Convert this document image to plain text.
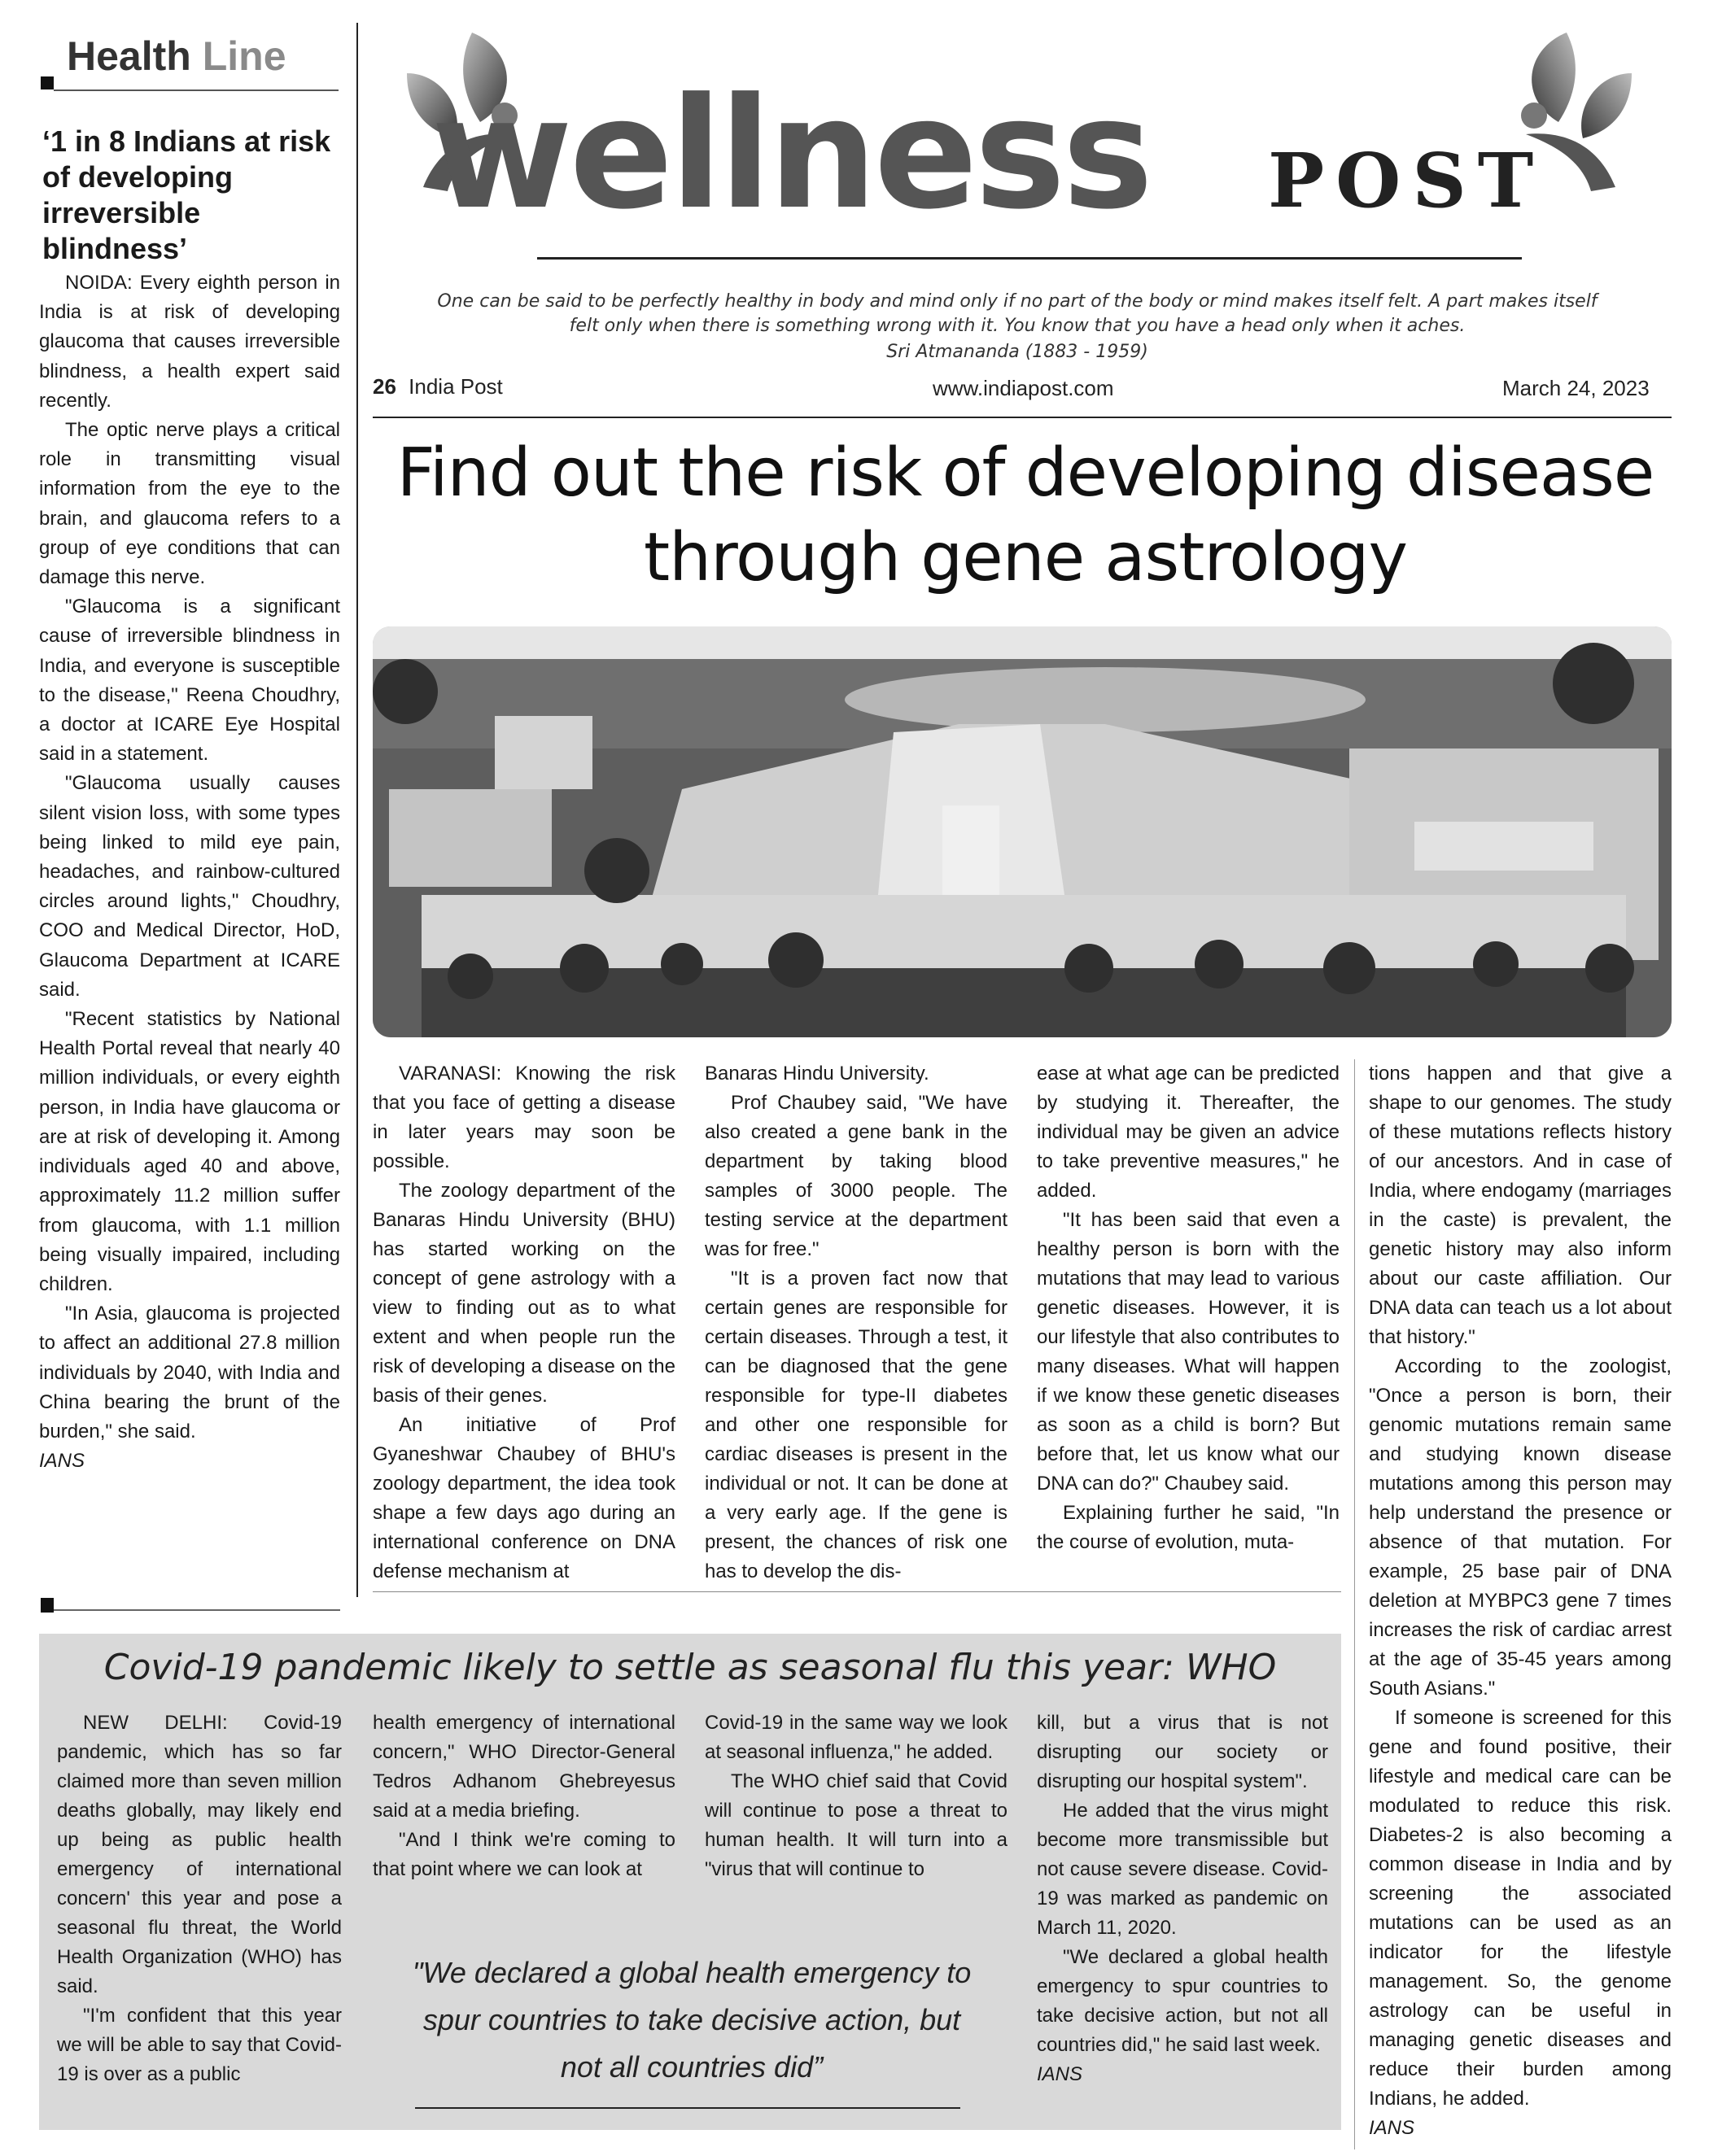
Health Line
‘1 in 8 Indians at risk of developing irreversible blindness’

NOIDA: Every eighth person in India is at risk of developing glaucoma that causes irreversible blindness, a health expert said recently.

The optic nerve plays a critical role in transmitting visual information from the eye to the brain, and glaucoma refers to a group of eye conditions that can damage this nerve.

"Glaucoma is a significant cause of irreversible blindness in India, and everyone is susceptible to the disease," Reena Choudhry, a doctor at ICARE Eye Hospital said in a statement.

"Glaucoma usually causes silent vision loss, with some types being linked to mild eye pain, headaches, and rainbow-cultured circles around lights," Choudhry, COO and Medical Director, HoD, Glaucoma Department at ICARE said.

"Recent statistics by National Health Portal reveal that nearly 40 million individuals, or every eighth person, in India have glaucoma or are at risk of developing it. Among individuals aged 40 and above, approximately 11.2 million suffer from glaucoma, with 1.1 million being visually impaired, including children.

"In Asia, glaucoma is projected to affect an additional 27.8 million individuals by 2040, with India and China bearing the brunt of the burden," she said.

IANS

wellness POST
One can be said to be perfectly healthy in body and mind only if no part of the body or mind makes itself felt. A part makes itself felt only when there is something wrong with it. You know that you have a head only when it aches.
Sri Atmananda (1883 - 1959)
26 India Post	www.indiapost.com	March 24, 2023
Find out the risk of developing disease through gene astrology

VARANASI: Knowing the risk that you face of getting a disease in later years may soon be possible.

The zoology department of the Banaras Hindu University (BHU) has started working on the concept of gene astrology with a view to finding out as to what extent and when people run the risk of developing a disease on the basis of their genes.

An initiative of Prof Gyaneshwar Chaubey of BHU's zoology department, the idea took shape a few days ago during an international conference on DNA defense mechanism at

Banaras Hindu University.

Prof Chaubey said, "We have also created a gene bank in the department by taking blood samples of 3000 people. The testing service at the department was for free."

"It is a proven fact now that certain genes are responsible for certain diseases. Through a test, it can be diagnosed that the gene responsible for type-II diabetes and other one responsible for cardiac diseases is present in the individual or not. It can be done at a very early age. If the gene is present, the chances of risk one has to develop the dis-

ease at what age can be predicted by studying it. Thereafter, the individual may be given an advice to take preventive measures," he added.

"It has been said that even a healthy person is born with the mutations that may lead to various genetic diseases. However, it is our lifestyle that also contributes to many diseases. What will happen if we know these genetic diseases as soon as a child is born? But before that, let us know what our DNA can do?" Chaubey said.

Explaining further he said, "In the course of evolution, muta-

tions happen and that give a shape to our genomes. The study of these mutations reflects history of our ancestors. And in case of India, where endogamy (marriages in the caste) is prevalent, the genetic history may also inform about our caste affiliation. Our DNA data can teach us a lot about that history."

According to the zoologist, "Once a person is born, their genomic mutations remain same and studying known disease mutations among this person may help understand the presence or absence of that mutation. For example, 25 base pair of DNA deletion at MYBPC3 gene 7 times increases the risk of cardiac arrest at the age of 35-45 years among South Asians."

If someone is screened for this gene and found positive, their lifestyle and medical care can be modulated to reduce this risk. Diabetes-2 is also becoming a common disease in India and by screening the associated mutations can be used as an indicator for the lifestyle management. So, the genome astrology can be useful in managing genetic diseases and reduce their burden among Indians, he added.

IANS

Covid-19 pandemic likely to settle as seasonal flu this year: WHO

NEW DELHI: Covid-19 pandemic, which has so far claimed more than seven million deaths globally, may likely end up being as public health emergency of international concern' this year and pose a seasonal flu threat, the World Health Organization (WHO) has said.

"I'm confident that this year we will be able to say that Covid-19 is over as a public

health emergency of international concern," WHO Director-General Tedros Adhanom Ghebreyesus said at a media briefing.

"And I think we're coming to that point where we can look at

Covid-19 in the same way we look at seasonal influenza," he added.

The WHO chief said that Covid will continue to pose a threat to human health. It will turn into a "virus that will continue to

kill, but a virus that is not disrupting our society or disrupting our hospital system".

He added that the virus might become more transmissible but not cause severe disease. Covid-19 was marked as pandemic on March 11, 2020.

"We declared a global health emergency to spur countries to take decisive action, but not all countries did," he said last week.

IANS

"We declared a global health emergency to spur countries to take decisive action, but not all countries did”
